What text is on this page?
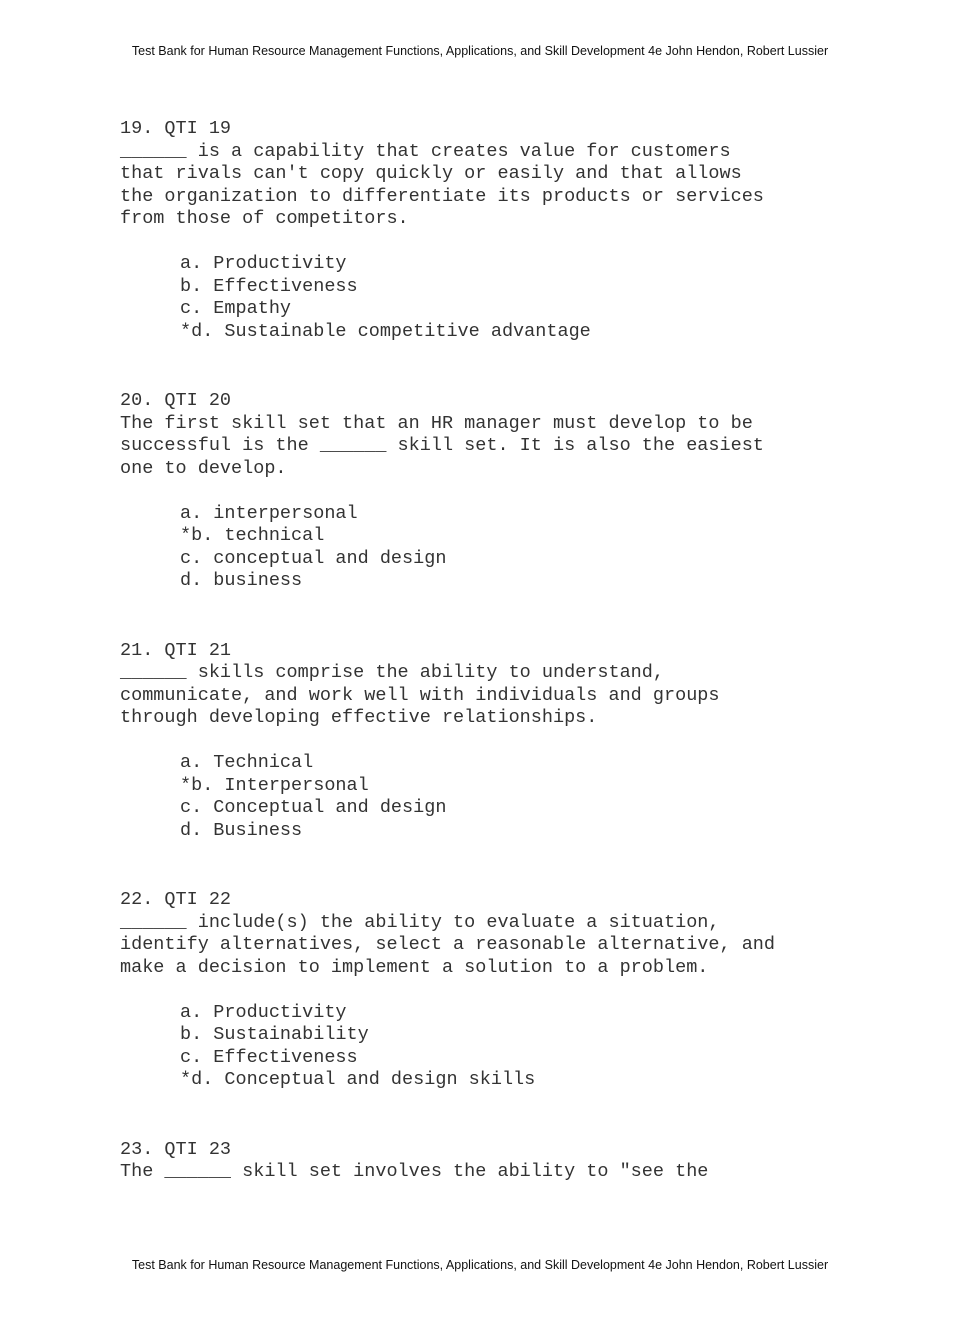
Test Bank for Human Resource Management Functions, Applications, and Skill Development 4e John Hendon, Robert Lussier
19. QTI 19
______ is a capability that creates value for customers
that rivals can't copy quickly or easily and that allows
the organization to differentiate its products or services
from those of competitors.
a. Productivity
b. Effectiveness
c. Empathy
*d. Sustainable competitive advantage
20. QTI 20
The first skill set that an HR manager must develop to be
successful is the ______ skill set. It is also the easiest
one to develop.
a. interpersonal
*b. technical
c. conceptual and design
d. business
21. QTI 21
______ skills comprise the ability to understand,
communicate, and work well with individuals and groups
through developing effective relationships.
a. Technical
*b. Interpersonal
c. Conceptual and design
d. Business
22. QTI 22
______ include(s) the ability to evaluate a situation,
identify alternatives, select a reasonable alternative, and
make a decision to implement a solution to a problem.
a. Productivity
b. Sustainability
c. Effectiveness
*d. Conceptual and design skills
23. QTI 23
The ______ skill set involves the ability to "see the
Test Bank for Human Resource Management Functions, Applications, and Skill Development 4e John Hendon, Robert Lussier
